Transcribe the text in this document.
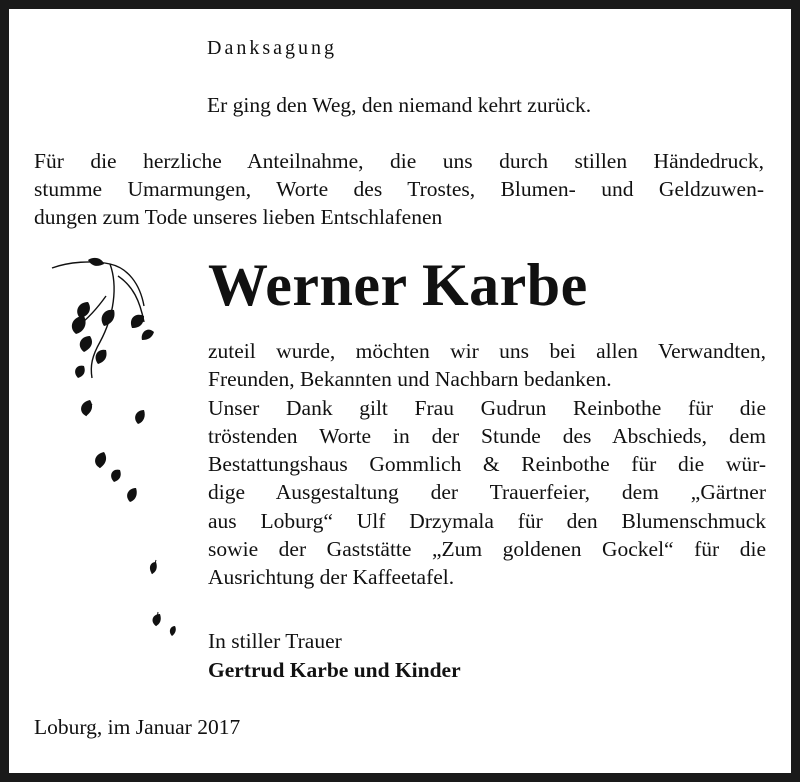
Danksagung
Er ging den Weg, den niemand kehrt zurück.
Für die herzliche Anteilnahme, die uns durch stillen Händedruck,
stumme Umarmungen, Worte des Trostes, Blumen- und Geldzuwen-
dungen zum Tode unseres lieben Entschlafenen
Werner Karbe
zuteil wurde, möchten wir uns bei allen Verwandten,
Freunden, Bekannten und Nachbarn bedanken.
Unser Dank gilt Frau Gudrun Reinbothe für die
tröstenden Worte in der Stunde des Abschieds, dem
Bestattungshaus Gommlich & Reinbothe für die wür-
dige Ausgestaltung der Trauerfeier, dem „Gärtner
aus Loburg“ Ulf Drzymala für den Blumenschmuck
sowie der Gaststätte „Zum goldenen Gockel“ für die
Ausrichtung der Kaffeetafel.
In stiller Trauer
Gertrud Karbe und Kinder
Loburg, im Januar 2017
